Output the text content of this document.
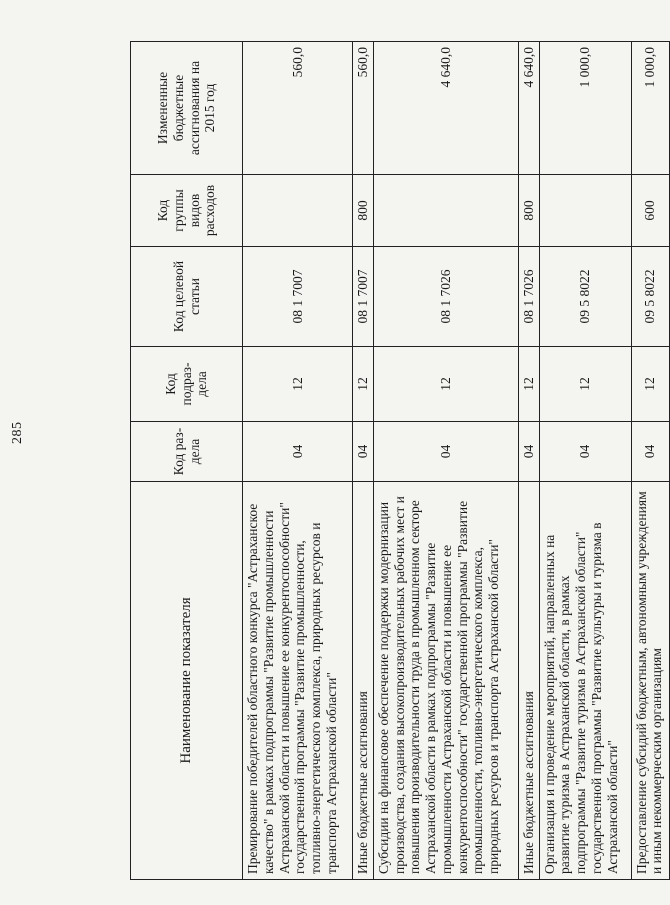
285
Наименование показателя	Код раз- дела	Код подраз- дела	Код целевой статьи	Код группы видов расходов	Измененные бюджетные ассигнования на 2015 год
Премирование победителей областного конкурса "Астраханское качество" в рамках подпрограммы "Развитие промышленности Астраханской области и повышение ее конкурентоспособности" государственной программы "Развитие промышленности, топливно-энергетического комплекса, природных ресурсов и транспорта Астраханской области"	04	12	08 1 7007		560,0
Иные бюджетные ассигнования	04	12	08 1 7007	800	560,0
Субсидии на финансовое обеспечение поддержки модернизации производства, создания высокопроизводительных рабочих мест и повышения производительности труда в промышленном секторе Астраханской области в рамках подпрограммы "Развитие промышленности Астраханской области и повышение ее конкурентоспособности" государственной программы "Развитие промышленности, топливно-энергетического комплекса, природных ресурсов и транспорта Астраханской области"	04	12	08 1 7026		4 640,0
Иные бюджетные ассигнования	04	12	08 1 7026	800	4 640,0
Организация и проведение мероприятий, направленных на развитие туризма в Астраханской области, в рамках подпрограммы "Развитие туризма в Астраханской области" государственной программы "Развитие культуры и туризма в Астраханской области"	04	12	09 5 8022		1 000,0
Предоставление субсидий бюджетным, автономным учреждениям и иным некоммерческим организациям	04	12	09 5 8022	600	1 000,0
